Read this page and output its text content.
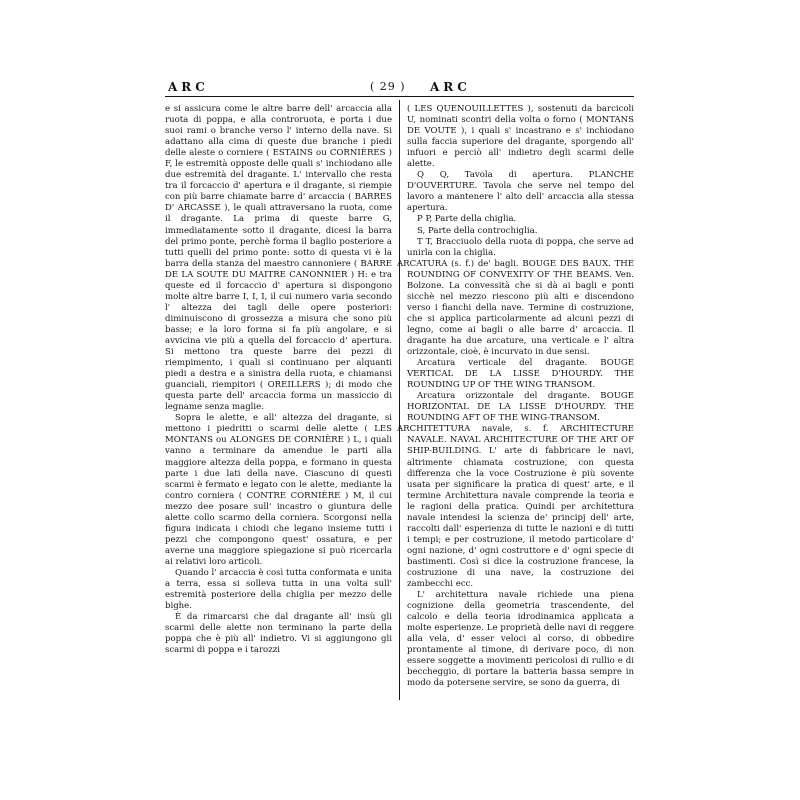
ARC	( 29 ) ARC

e si assicura come le altre barre dell' arcaccia alla ruota di poppa, e alla controruota, e porta i due suoi rami o branche verso l' interno della nave. Si adattano alla cima di queste due branche i piedi delle aleste o corniere ( ESTAINS ou CORNIÈRES ) F, le estremità opposte delle quali s' inchiodano alle due estremità del dragante. L' intervallo che resta tra il forcaccio d' apertura e il dragante, si riempie con più barre chiamate barre d' arcaccia ( BARRES D' ARCASSE ), le quali attraversano la ruota, come il dragante. La prima di queste barre G, immediatamente sotto il dragante, dicesi la barra del primo ponte, perchè forma il baglio posteriore a tutti quelli del primo ponte: sotto di questa vi è la barra della stanza del maestro cannoniere ( BARRE DE LA SOUTE DU MAITRE CANONNIER ) H: e tra queste ed il forcaccio d' apertura si dispongono molte altre barre I, I, I, il cui numero varia secondo l' altezza dei tagli delle opere posteriori: diminuiscono di grossezza a misura che sono più basse; e la loro forma si fa più angolare, e si avvicina vie più a quella del forcaccio d' apertura. Si mettono tra queste barre dei pezzi di riempimento, i quali si continuano per alquanti piedi a destra e a sinistra della ruota, e chiamansi guanciali, riempitori ( OREILLERS ); di modo che questa parte dell' arcaccia forma un massiccio di legname senza maglie.

Sopra le alette, e all' altezza del dragante, si mettono i piedritti o scarmi delle alette ( LES MONTANS ou ALONGES DE CORNIÈRE ) L, i quali vanno a terminare da amendue le parti alla maggiore altezza della poppa, e formano in questa parte i due lati della nave. Ciascuno di questi scarmi è fermato e legato con le alette, mediante la contro corniera ( CONTRE CORNIÈRE ) M, il cui mezzo dee posare sull' incastro o giuntura delle alette collo scarmo della corniera. Scorgonsi nella figura indicata i chiodi che legano insieme tutti i pezzi che compongono quest' ossatura, e per averne una maggiore spiegazione si può ricercarla ai relativi loro articoli.

Quando l' arcaccia è così tutta conformata e unita a terra, essa si solleva tutta in una volta sull' estremità posteriore della chiglia per mezzo delle bighe.

È da rimarcarsi che dal dragante all' insù gli scarmi delle alette non terminano la parte della poppa che è più all' indietro. Vi si aggiungono gli scarmi di poppa e i tarozzi

( LES QUENOUILLETTES ), sostenuti da barcicoli U, nominati scontri della volta o forno ( MONTANS DE VOUTE ), i quali s' incastrano e s' inchiodano sulla faccia superiore del dragante, sporgendo all' infuori e perciò all' indietro degli scarmi delle alette.

Q Q, Tavola di apertura. PLANCHE D'OUVERTURE. Tavola che serve nel tempo del lavoro a mantenere l' alto dell' arcaccia alla stessa apertura.

P P, Parte della chiglia.

S, Parte della controchiglia.

T T, Bracciuolo della ruota di poppa, che serve ad unirla con la chiglia.

ARCATURA (s. f.) de' bagli. BOUGE DES BAUX. THE ROUNDING OF CONVEXITY OF THE BEAMS. Ven. Bolzone. La convessità che si dà ai bagli e ponti sicchè nel mezzo riescono più alti e discendono verso i fianchi della nave. Termine di costruzione, che si applica particolarmente ad alcuni pezzi di legno, come ai bagli o alle barre d' arcaccia. Il dragante ha due arcature, una verticale e l' altra orizzontale, cioè, è incurvato in due sensi.

Arcatura verticale del dragante. BOUGE VERTICAL DE LA LISSE D'HOURDY. THE ROUNDING UP OF THE WING TRANSOM.

Arcatura orizzontale del dragante. BOUGE HORIZONTAL DE LA LISSE D'HOURDY. THE ROUNDING AFT OF THE WING-TRANSOM.

ARCHITETTURA navale, s. f. ARCHITECTURE NAVALE. NAVAL ARCHITECTURE OF THE ART OF SHIP-BUILDING. L' arte di fabbricare le navi, altrimente chiamata costruzione, con questa differenza che la voce Costruzione è più sovente usata per significare la pratica di quest' arte, e il termine Architettura navale comprende la teoria e le ragioni della pratica. Quindi per architettura navale intendesi la scienza de' principj dell' arte, raccolti dall' esperienza di tutte le nazioni e di tutti i tempi; e per costruzione, il metodo particolare d' ogni nazione, d' ogni costruttore e d' ogni specie di bastimenti. Così si dice la costruzione francese, la costruzione di una nave, la costruzione dei zambecchi ecc.

L' architettura navale richiede una piena cognizione della geometria trascendente, del calcolo e della teoria idrodinamica applicata a molte esperienze. Le proprietà delle navi di reggere alla vela, d' esser veloci al corso, di obbedire prontamente al timone, di derivare poco, di non essere soggette a movimenti pericolosi di rullio e di beccheggio, di portare la batteria bassa sempre in modo da potersene servire, se sono da guerra, di
